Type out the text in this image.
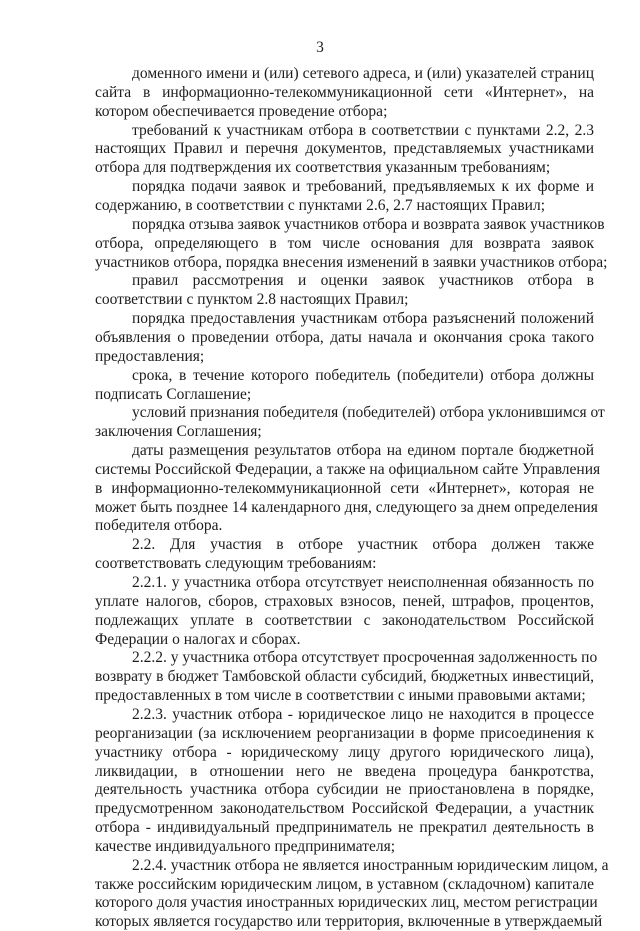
3
доменного имени и (или) сетевого адреса, и (или) указателей страниц
сайта в информационно-телекоммуникационной сети «Интернет», на
котором обеспечивается проведение отбора;
требований к участникам отбора в соответствии с пунктами 2.2, 2.3
настоящих Правил и перечня документов, представляемых участниками
отбора для подтверждения их соответствия указанным требованиям;
порядка подачи заявок и требований, предъявляемых к их форме и
содержанию, в соответствии с пунктами 2.6, 2.7 настоящих Правил;
порядка отзыва заявок участников отбора и возврата заявок участников
отбора, определяющего в том числе основания для возврата заявок
участников отбора, порядка внесения изменений в заявки участников отбора;
правил рассмотрения и оценки заявок участников отбора в
соответствии с пунктом 2.8 настоящих Правил;
порядка предоставления участникам отбора разъяснений положений
объявления о проведении отбора, даты начала и окончания срока такого
предоставления;
срока, в течение которого победитель (победители) отбора должны
подписать Соглашение;
условий признания победителя (победителей) отбора уклонившимся от
заключения Соглашения;
даты размещения результатов отбора на едином портале бюджетной
системы Российской Федерации, а также на официальном сайте Управления
в информационно-телекоммуникационной сети «Интернет», которая не
может быть позднее 14 календарного дня, следующего за днем определения
победителя отбора.
2.2. Для участия в отборе участник отбора должен также
соответствовать следующим требованиям:
2.2.1. у участника отбора отсутствует неисполненная обязанность по
уплате налогов, сборов, страховых взносов, пеней, штрафов, процентов,
подлежащих уплате в соответствии с законодательством Российской
Федерации о налогах и сборах.
2.2.2. у участника отбора отсутствует просроченная задолженность по
возврату в бюджет Тамбовской области субсидий, бюджетных инвестиций,
предоставленных в том числе в соответствии с иными правовыми актами;
2.2.3. участник отбора - юридическое лицо не находится в процессе
реорганизации (за исключением реорганизации в форме присоединения к
участнику отбора - юридическому лицу другого юридического лица),
ликвидации, в отношении него не введена процедура банкротства,
деятельность участника отбора субсидии не приостановлена в порядке,
предусмотренном законодательством Российской Федерации, а участник
отбора - индивидуальный предприниматель не прекратил деятельность в
качестве индивидуального предпринимателя;
2.2.4. участник отбора не является иностранным юридическим лицом, а
также российским юридическим лицом, в уставном (складочном) капитале
которого доля участия иностранных юридических лиц, местом регистрации
которых является государство или территория, включенные в утверждаемый
